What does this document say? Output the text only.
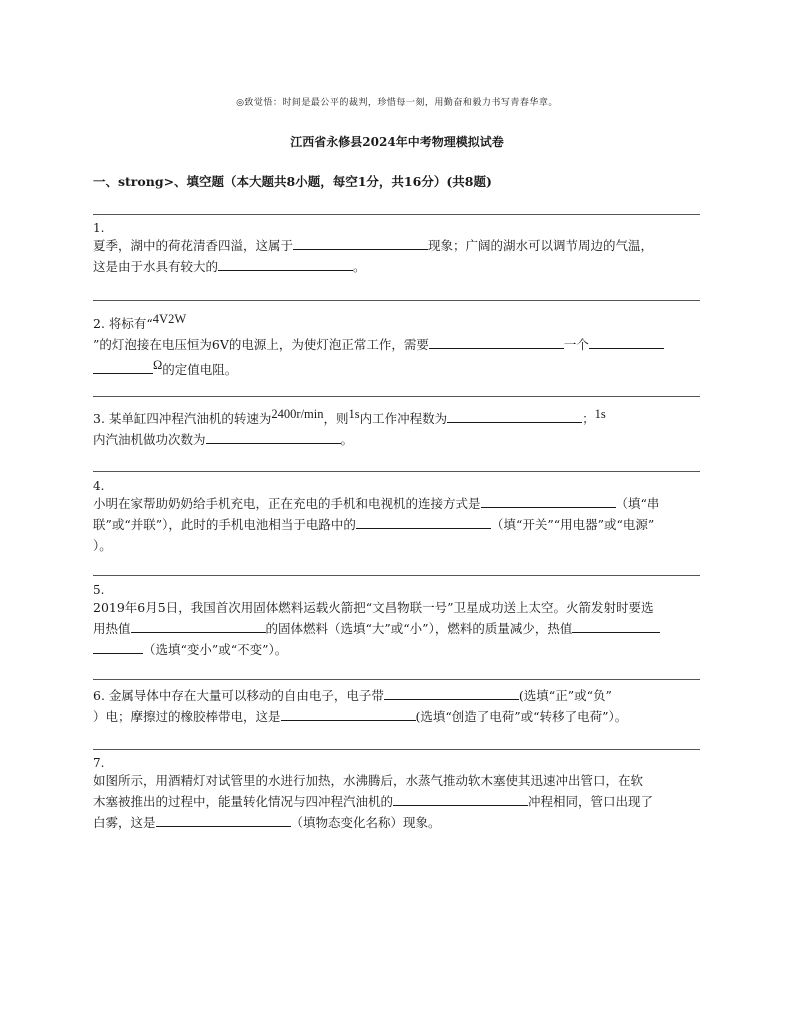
◎致觉悟：时间是最公平的裁判，珍惜每一刻，用勤奋和毅力书写青春华章。
江西省永修县2024年中考物理模拟试卷
一、strong>、填空题（本大题共8小题，每空1分，共16分）(共8题)
1.
夏季，湖中的荷花清香四溢，这属于	现象；广阔的湖水可以调节周边的气温，
这是由于水具有较大的	。
2. 将标有“4V2W
”的灯泡接在电压恒为6V的电源上，为使灯泡正常工作，需要	一个
Ω的定值电阻。
3. 某单缸四冲程汽油机的转速为2400r/min，则1s内工作冲程数为	；1s
内汽油机做功次数为	。
4.
小明在家帮助奶奶给手机充电，正在充电的手机和电视机的连接方式是	（填“串
联”或“并联”），此时的手机电池相当于电路中的	（填“开关”“用电器”或“电源”
）。
5.
2019年6月5日，我国首次用固体燃料运载火箭把“文昌物联一号”卫星成功送上太空。火箭发射时要选
用热值	的固体燃料（选填“大”或“小”），燃料的质量减少，热值
（选填“变小”或“不变”）。
6. 金属导体中存在大量可以移动的自由电子，电子带	(选填“正”或“负”
）电；摩擦过的橡胶棒带电，这是	(选填“创造了电荷”或“转移了电荷”）。
7.
如图所示，用酒精灯对试管里的水进行加热，水沸腾后，水蒸气推动软木塞使其迅速冲出管口，在软
木塞被推出的过程中，能量转化情况与四冲程汽油机的	冲程相同，管口出现了
白雾，这是	（填物态变化名称）现象。
